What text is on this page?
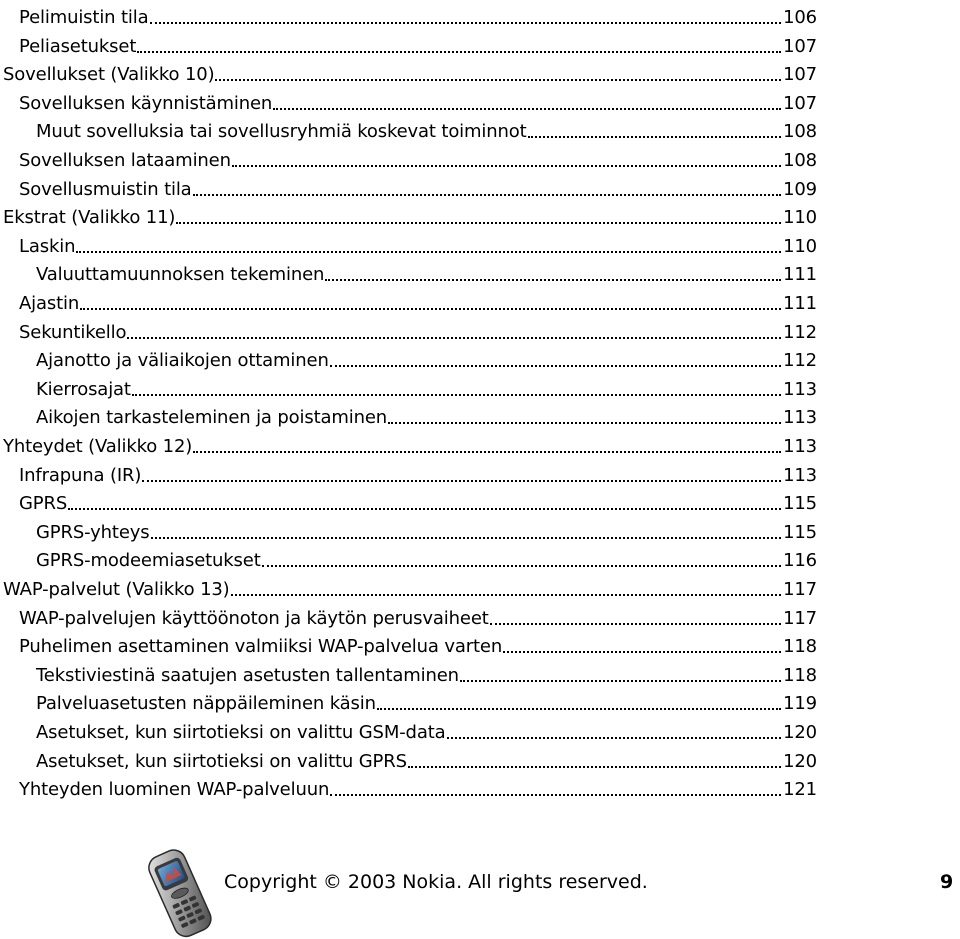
Pelimuistin tila	106
Peliasetukset	107
Sovellukset (Valikko 10)	107
Sovelluksen käynnistäminen	107
Muut sovelluksia tai sovellusryhmiä koskevat toiminnot	108
Sovelluksen lataaminen	108
Sovellusmuistin tila	109
Ekstrat (Valikko 11)	110
Laskin	110
Valuuttamuunnoksen tekeminen	111
Ajastin	111
Sekuntikello	112
Ajanotto ja väliaikojen ottaminen	112
Kierrosajat	113
Aikojen tarkasteleminen ja poistaminen	113
Yhteydet (Valikko 12)	113
Infrapuna (IR)	113
GPRS	115
GPRS-yhteys	115
GPRS-modeemiasetukset	116
WAP-palvelut (Valikko 13)	117
WAP-palvelujen käyttöönoton ja käytön perusvaiheet	117
Puhelimen asettaminen valmiiksi WAP-palvelua varten	118
Tekstiviestinä saatujen asetusten tallentaminen	118
Palveluasetusten näppäileminen käsin	119
Asetukset, kun siirtotieksi on valittu GSM-data	120
Asetukset, kun siirtotieksi on valittu GPRS	120
Yhteyden luominen WAP-palveluun	121
Copyright © 2003 Nokia. All rights reserved.	9
